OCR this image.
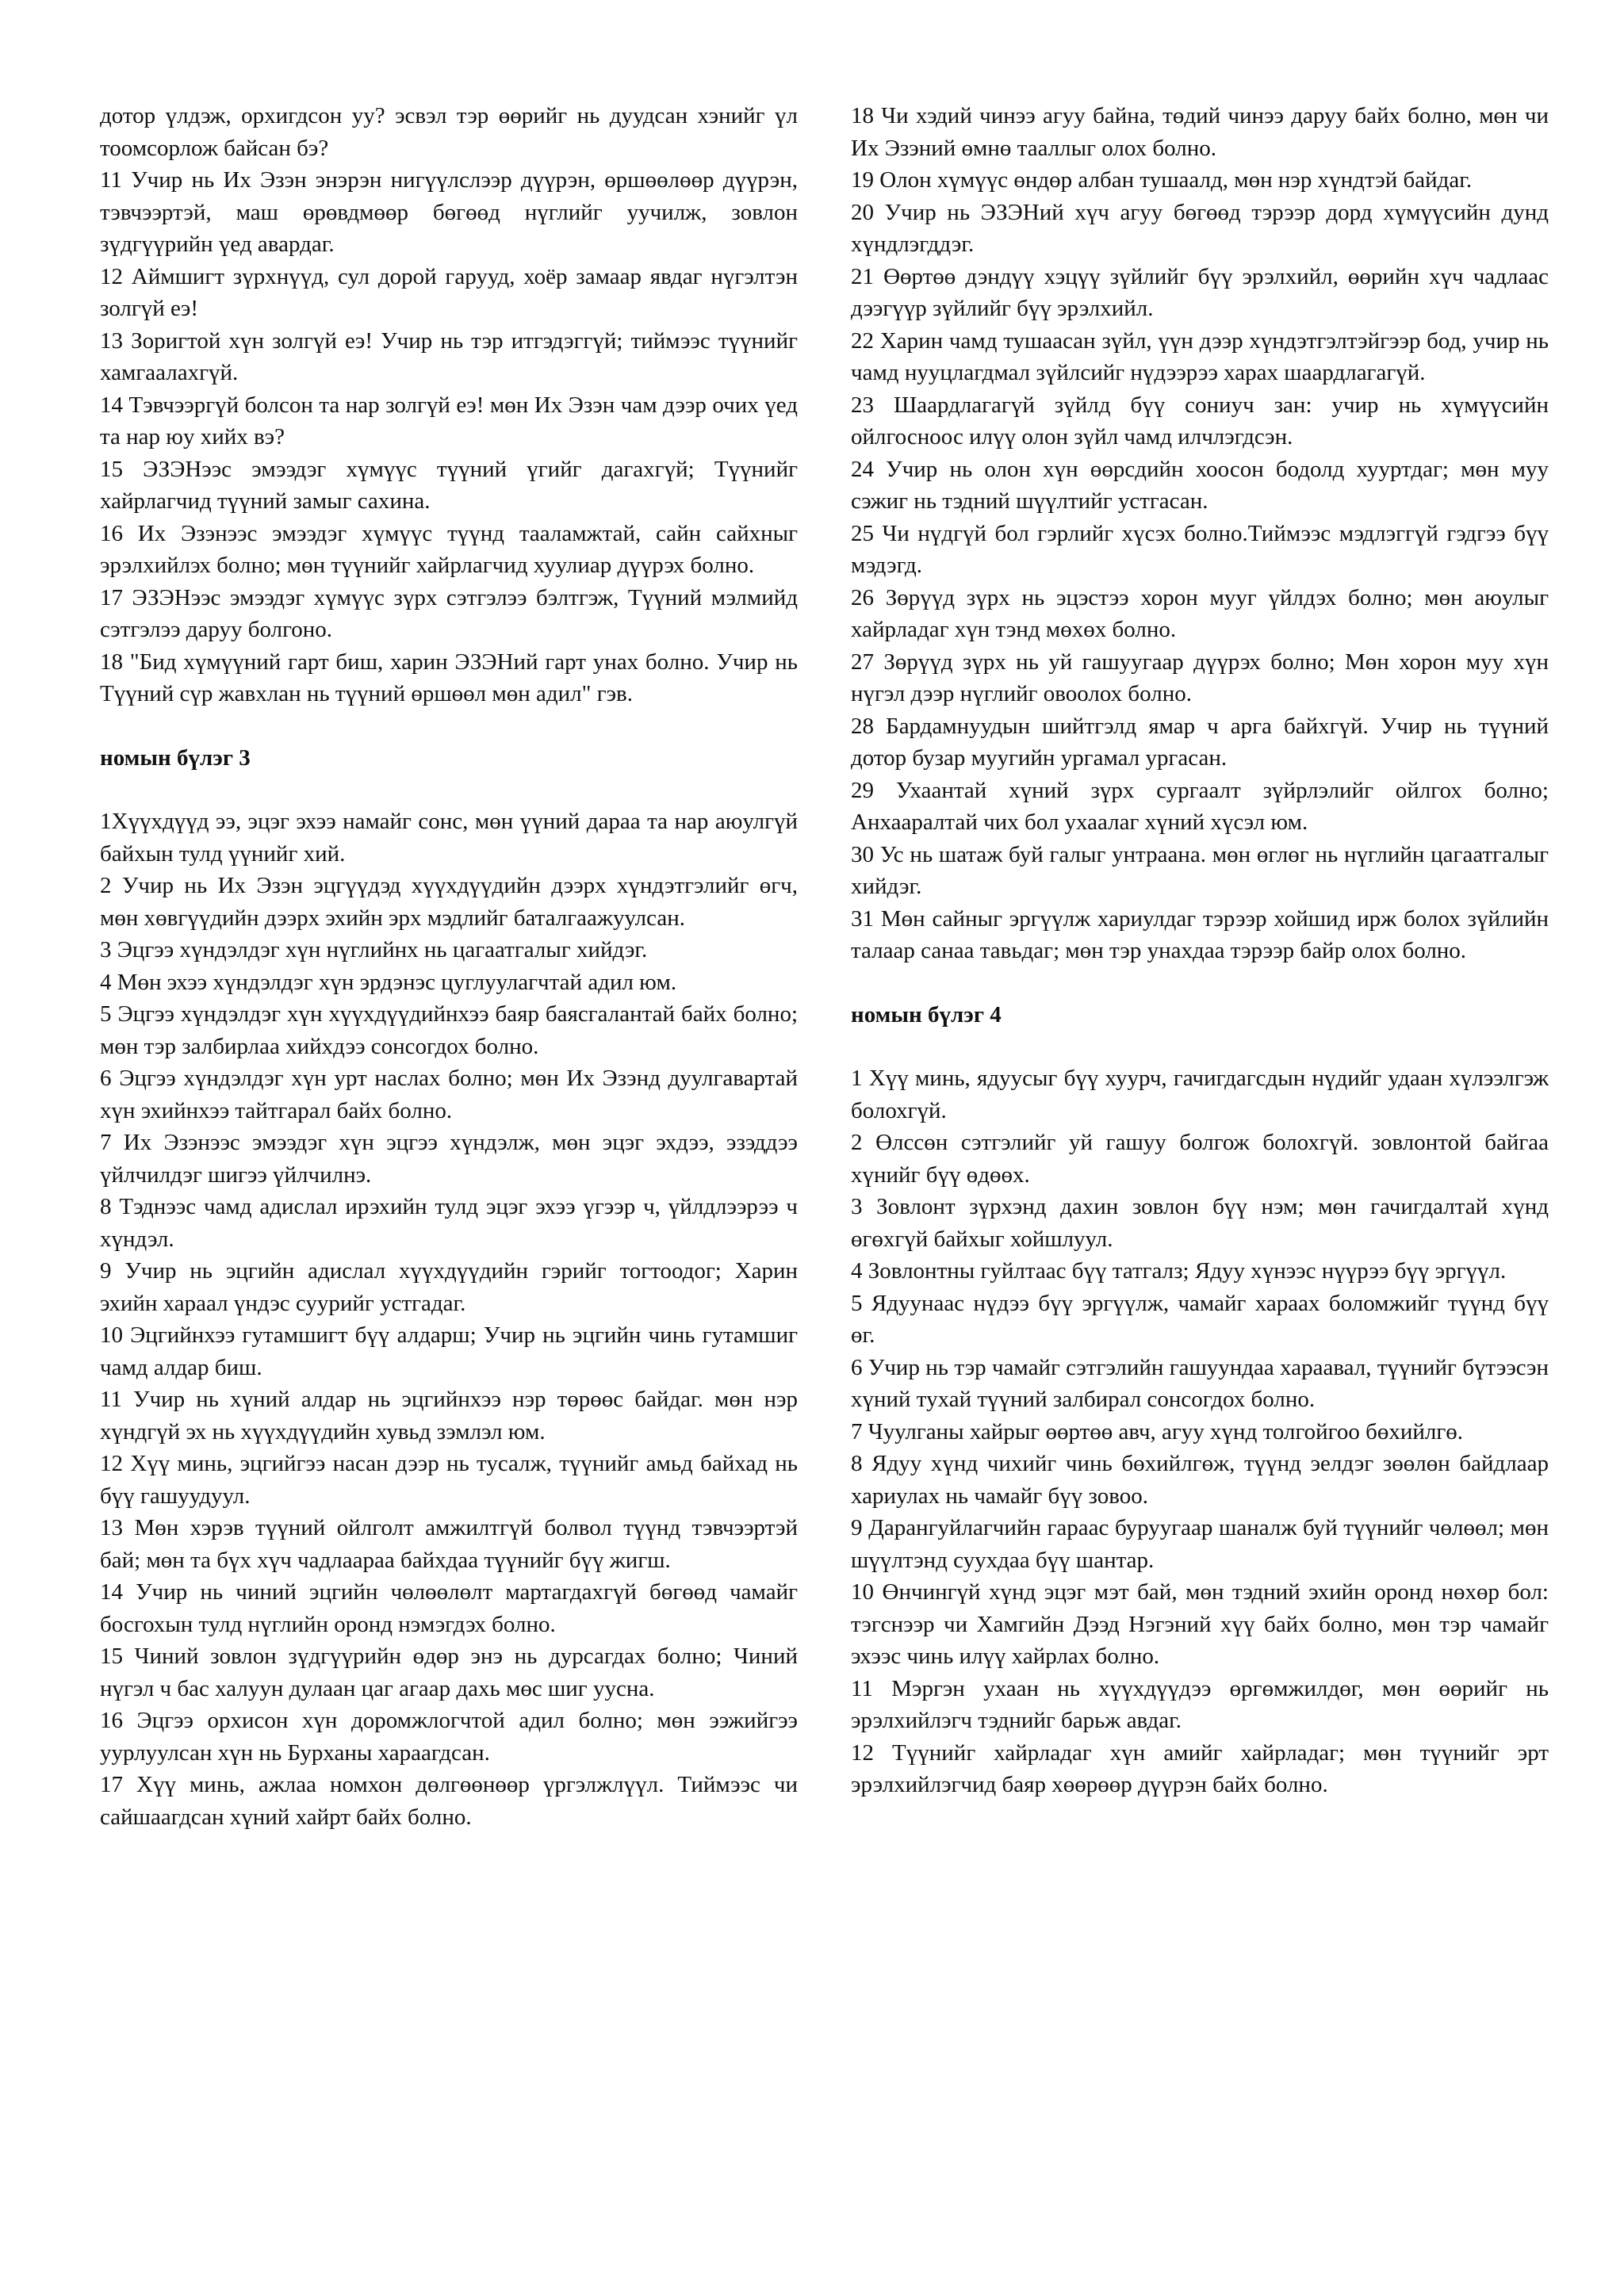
дотор үлдэж, орхигдсон уу? эсвэл тэр өөрийг нь дуудсан хэнийг үл тоомсорлож байсан бэ?

11 Учир нь Их Эзэн энэрэн нигүүлслээр дүүрэн, өршөөлөөр дүүрэн, тэвчээртэй, маш өрөвдмөөр бөгөөд нүглийг уучилж, зовлон зүдгүүрийн үед авардаг.

12 Аймшигт зүрхнүүд, сул дорой гарууд, хоёр замаар явдаг нүгэлтэн золгүй еэ!

13 Зоригтой хүн золгүй еэ! Учир нь тэр итгэдэггүй; тиймээс түүнийг хамгаалахгүй.

14 Тэвчээргүй болсон та нар золгүй еэ! мөн Их Эзэн чам дээр очих үед та нар юу хийх вэ?

15 ЭЗЭНээс эмээдэг хүмүүс түүний үгийг дагахгүй; Түүнийг хайрлагчид түүний замыг сахина.

16 Их Эзэнээс эмээдэг хүмүүс түүнд тааламжтай, сайн сайхныг эрэлхийлэх болно; мөн түүнийг хайрлагчид хуулиар дүүрэх болно.

17 ЭЗЭНээс эмээдэг хүмүүс зүрх сэтгэлээ бэлтгэж, Түүний мэлмийд сэтгэлээ даруу болгоно.

18 "Бид хүмүүний гарт биш, харин ЭЗЭНий гарт унах болно. Учир нь Түүний сүр жавхлан нь түүний өршөөл мөн адил" гэв.

номын бүлэг 3

1Хүүхдүүд ээ, эцэг эхээ намайг сонс, мөн үүний дараа та нар аюулгүй байхын тулд үүнийг хий.

2 Учир нь Их Эзэн эцгүүдэд хүүхдүүдийн дээрх хүндэтгэлийг өгч, мөн хөвгүүдийн дээрх эхийн эрх мэдлийг баталгаажуулсан.

3 Эцгээ хүндэлдэг хүн нүглийнх нь цагаатгалыг хийдэг.

4 Мөн эхээ хүндэлдэг хүн эрдэнэс цуглуулагчтай адил юм.

5 Эцгээ хүндэлдэг хүн хүүхдүүдийнхээ баяр баясгалантай байх болно; мөн тэр залбирлаа хийхдээ сонсогдох болно.

6 Эцгээ хүндэлдэг хүн урт наслах болно; мөн Их Эзэнд дуулгавартай хүн эхийнхээ тайтгарал байх болно.

7 Их Эзэнээс эмээдэг хүн эцгээ хүндэлж, мөн эцэг эхдээ, эзэддээ үйлчилдэг шигээ үйлчилнэ.

8 Тэднээс чамд адислал ирэхийн тулд эцэг эхээ үгээр ч, үйлдлээрээ ч хүндэл.

9 Учир нь эцгийн адислал хүүхдүүдийн гэрийг тогтоодог; Харин эхийн хараал үндэс суурийг устгадаг.

10 Эцгийнхээ гутамшигт бүү алдарш; Учир нь эцгийн чинь гутамшиг чамд алдар биш.

11 Учир нь хүний алдар нь эцгийнхээ нэр төрөөс байдаг. мөн нэр хүндгүй эх нь хүүхдүүдийн хувьд зэмлэл юм.

12 Хүү минь, эцгийгээ насан дээр нь тусалж, түүнийг амьд байхад нь бүү гашуудуул.

13 Мөн хэрэв түүний ойлголт амжилтгүй болвол түүнд тэвчээртэй бай; мөн та бүх хүч чадлаараа байхдаа түүнийг бүү жигш.

14 Учир нь чиний эцгийн чөлөөлөлт мартагдахгүй бөгөөд чамайг босгохын тулд нүглийн оронд нэмэгдэх болно.

15 Чиний зовлон зүдгүүрийн өдөр энэ нь дурсагдах болно; Чиний нүгэл ч бас халуун дулаан цаг агаар дахь мөс шиг уусна.

16 Эцгээ орхисон хүн доромжлогчтой адил болно; мөн ээжийгээ уурлуулсан хүн нь Бурханы хараагдсан.

17 Хүү минь, ажлаа номхон дөлгөөнөөр үргэлжлүүл. Тиймээс чи сайшаагдсан хүний хайрт байх болно.

18 Чи хэдий чинээ агуу байна, төдий чинээ даруу байх болно, мөн чи Их Эзэний өмнө тааллыг олох болно.

19 Олон хүмүүс өндөр албан тушаалд, мөн нэр хүндтэй байдаг.

20 Учир нь ЭЗЭНий хүч агуу бөгөөд тэрээр дорд хүмүүсийн дунд хүндлэгддэг.

21 Өөртөө дэндүү хэцүү зүйлийг бүү эрэлхийл, өөрийн хүч чадлаас дээгүүр зүйлийг бүү эрэлхийл.

22 Харин чамд тушаасан зүйл, үүн дээр хүндэтгэлтэйгээр бод, учир нь чамд нууцлагдмал зүйлсийг нүдээрээ харах шаардлагагүй.

23 Шаардлагагүй зүйлд бүү сониуч зан: учир нь хүмүүсийн ойлгосноос илүү олон зүйл чамд илчлэгдсэн.

24 Учир нь олон хүн өөрсдийн хоосон бодолд хууртдаг; мөн муу сэжиг нь тэдний шүүлтийг устгасан.

25 Чи нүдгүй бол гэрлийг хүсэх болно.Тиймээс мэдлэггүй гэдгээ бүү мэдэгд.

26 Зөрүүд зүрх нь эцэстээ хорон мууг үйлдэх болно; мөн аюулыг хайрладаг хүн тэнд мөхөх болно.

27 Зөрүүд зүрх нь уй гашуугаар дүүрэх болно; Мөн хорон муу хүн нүгэл дээр нүглийг овоолох болно.

28 Бардамнуудын шийтгэлд ямар ч арга байхгүй. Учир нь түүний дотор бузар муугийн ургамал ургасан.

29 Ухаантай хүний зүрх сургаалт зүйрлэлийг ойлгох болно; Анхааралтай чих бол ухаалаг хүний хүсэл юм.

30 Ус нь шатаж буй галыг унтраана. мөн өглөг нь нүглийн цагаатгалыг хийдэг.

31 Мөн сайныг эргүүлж хариулдаг тэрээр хойшид ирж болох зүйлийн талаар санаа тавьдаг; мөн тэр унахдаа тэрээр байр олох болно.

номын бүлэг 4

1 Хүү минь, ядуусыг бүү хуурч, гачигдагсдын нүдийг удаан хүлээлгэж болохгүй.

2 Өлссөн сэтгэлийг уй гашуу болгож болохгүй. зовлонтой байгаа хүнийг бүү өдөөх.

3 Зовлонт зүрхэнд дахин зовлон бүү нэм; мөн гачигдалтай хүнд өгөхгүй байхыг хойшлуул.

4 Зовлонтны гуйлтаас бүү татгалз; Ядуу хүнээс нүүрээ бүү эргүүл.

5 Ядуунаас нүдээ бүү эргүүлж, чамайг хараах боломжийг түүнд бүү өг.

6 Учир нь тэр чамайг сэтгэлийн гашуундаа хараавал, түүнийг бүтээсэн хүний тухай түүний залбирал сонсогдох болно.

7 Чуулганы хайрыг өөртөө авч, агуу хүнд толгойгоо бөхийлгө.

8 Ядуу хүнд чихийг чинь бөхийлгөж, түүнд эелдэг зөөлөн байдлаар хариулах нь чамайг бүү зовоо.

9 Дарангуйлагчийн гараас буруугаар шаналж буй түүнийг чөлөөл; мөн шүүлтэнд суухдаа бүү шантар.

10 Өнчингүй хүнд эцэг мэт бай, мөн тэдний эхийн оронд нөхөр бол: тэгснээр чи Хамгийн Дээд Нэгэний хүү байх болно, мөн тэр чамайг эхээс чинь илүү хайрлах болно.

11 Мэргэн ухаан нь хүүхдүүдээ өргөмжилдөг, мөн өөрийг нь эрэлхийлэгч тэднийг барьж авдаг.

12 Түүнийг хайрладаг хүн амийг хайрладаг; мөн түүнийг эрт эрэлхийлэгчид баяр хөөрөөр дүүрэн байх болно.
